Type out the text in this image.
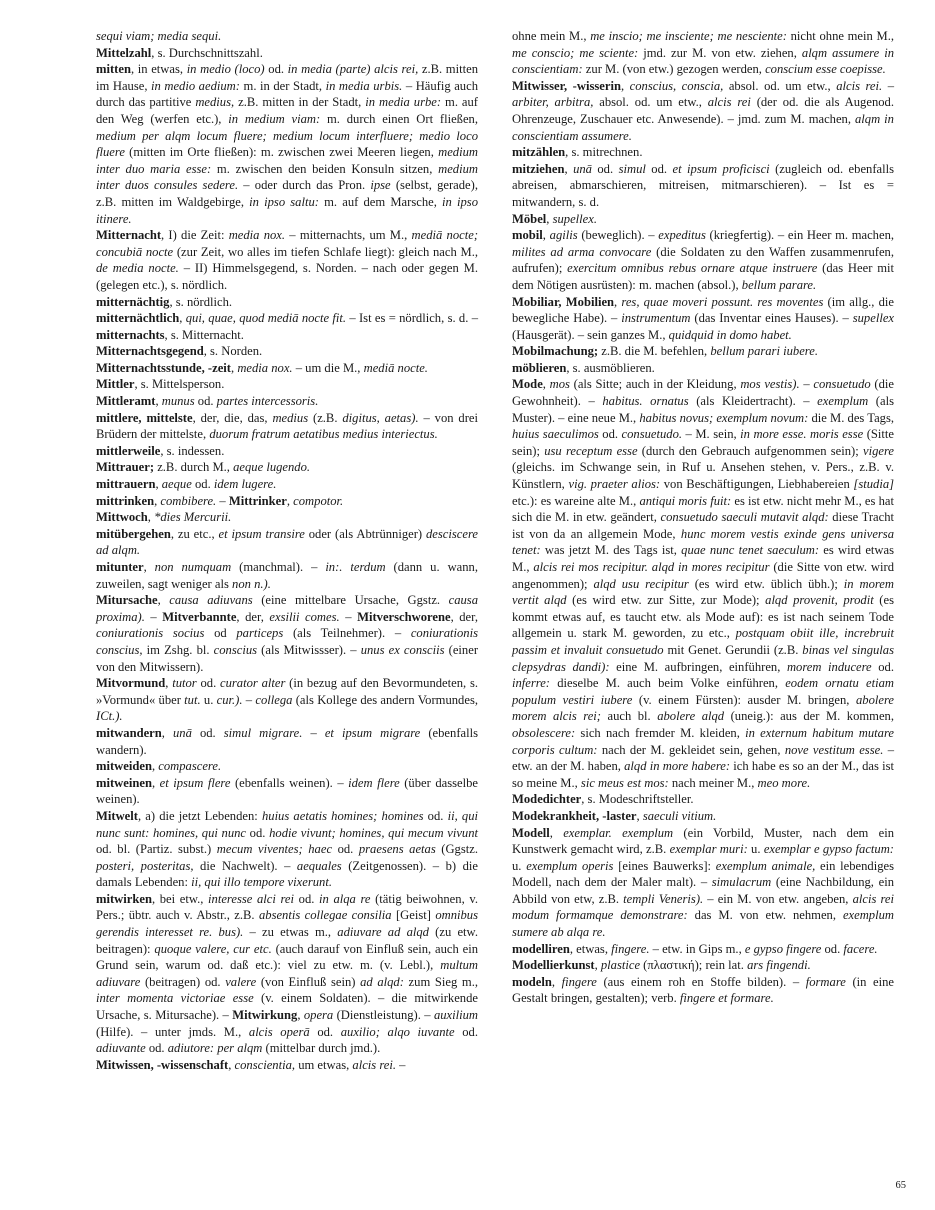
sequi viam; media sequi.

Mittelzahl, s. Durchschnittszahl.

mitten, in etwas, in medio (loco) od. in media (parte) alcis rei, z.B. mitten im Hause, in medio aedium: m. in der Stadt, in media urbis. – Häufig auch durch das partitive medius, z.B. mitten in der Stadt, in media urbe: m. auf den Weg (werfen etc.), in medium viam: m. durch einen Ort fließen, medium per alqm locum fluere; medium locum interfluere; medio loco fluere (mitten im Orte fließen): m. zwischen zwei Meeren liegen, medium inter duo maria esse: m. zwischen den beiden Konsuln sitzen, medium inter duos consules sedere. – oder durch das Pron. ipse (selbst, gerade), z.B. mitten im Waldgebirge, in ipso saltu: m. auf dem Marsche, in ipso itinere.

Mitternacht, I) die Zeit: media nox. – mitternachts, um M., mediā nocte; concubiā nocte (zur Zeit, wo alles im tiefen Schlafe liegt): gleich nach M., de media nocte. – II) Himmelsgegend, s. Norden. – nach oder gegen M. (gelegen etc.), s. nördlich.

mitternächtig, s. nördlich.

mitternächtlich, qui, quae, quod mediā nocte fit. – Ist es = nördlich, s. d. – mitternachts, s. Mitternacht.

Mitternachtsgegend, s. Norden.

Mitternachtsstunde, -zeit, media nox. – um die M., mediā nocte.

Mittler, s. Mittelsperson.

Mittleramt, munus od. partes intercessoris.

mittlere, mittelste, der, die, das, medius (z.B. digitus, aetas). – von drei Brüdern der mittelste, duorum fratrum aetatibus medius interiectus.

mittlerweile, s. indessen.

Mittrauer; z.B. durch M., aeque lugendo.

mittrauern, aeque od. idem lugere.

mittrinken, combibere. – Mittrinker, compotor.

Mittwoch, *dies Mercurii.

mitübergehen, zu etc., et ipsum transire oder (als Abtrünniger) desciscere ad alqm.

mitunter, non numquam (manchmal). – in:. terdum (dann u. wann, zuweilen, sagt weniger als non n.).

Mitursache, causa adiuvans (eine mittelbare Ursache, Ggstz. causa proxima). – Mitverbannte, der, exsilii comes. – Mitverschworene, der, coniurationis socius od particeps (als Teilnehmer). – coniurationis conscius, im Zshg. bl. conscius (als Mitwissser). – unus ex consciis (einer von den Mitwissern).

Mitvormund, tutor od. curator alter (in bezug auf den Bevormundeten, s. »Vormund« über tut. u. cur.). – collega (als Kollege des andern Vormundes, ICt.).

mitwandern, unā od. simul migrare. – et ipsum migrare (ebenfalls wandern).

mitweiden, compascere.

mitweinen, et ipsum flere (ebenfalls weinen). – idem flere (über dasselbe weinen).

Mitwelt, a) die jetzt Lebenden: huius aetatis homines; homines od. ii, qui nunc sunt: homines, qui nunc od. hodie vivunt; homines, qui mecum vivunt od. bl. (Partiz. subst.) mecum viventes; haec od. praesens aetas (Ggstz. posteri, posteritas, die Nachwelt). – aequales (Zeitgenossen). – b) die damals Lebenden: ii, qui illo tempore vixerunt.

mitwirken, bei etw., interesse alci rei od. in alqa re (tätig beiwohnen, v. Pers.; übtr. auch v. Abstr., z.B. absentis collegae consilia [Geist] omnibus gerendis interesset re. bus). – zu etwas m., adiuvare ad alqd (zu etw. beitragen): quoque valere, cur etc. (auch darauf von Einfluß sein, auch ein Grund sein, warum od. daß etc.): viel zu etw. m. (v. Lebl.), multum adiuvare (beitragen) od. valere (von Einfluß sein) ad alqd: zum Sieg m., inter momenta victoriae esse (v. einem Soldaten). – die mitwirkende Ursache, s. Mitursache). – Mitwirkung, opera (Dienstleistung). – auxilium (Hilfe). – unter jmds. M., alcis operā od. auxilio; alqo iuvante od. adiuvante od. adiutore: per alqm (mittelbar durch jmd.).

Mitwissen, -wissenschaft, conscientia, um etwas, alcis rei. –

ohne mein M., me inscio; me insciente; me nesciente: nicht ohne mein M., me conscio; me sciente: jmd. zur M. von etw. ziehen, alqm assumere in conscientiam: zur M. (von etw.) gezogen werden, conscium esse coepisse.

Mitwisser, -wisserin, conscius, conscia, absol. od. um etw., alcis rei. – arbiter, arbitra, absol. od. um etw., alcis rei (der od. die als Augenod. Ohrenzeuge, Zuschauer etc. Anwesende). – jmd. zum M. machen, alqm in conscientiam assumere.

mitzählen, s. mitrechnen.

mitziehen, unā od. simul od. et ipsum proficisci (zugleich od. ebenfalls abreisen, abmarschieren, mitreisen, mitmarschieren). – Ist es = mitwandern, s. d.

Möbel, supellex.

mobil, agilis (beweglich). – expeditus (kriegfertig). – ein Heer m. machen, milites ad arma convocare (die Soldaten zu den Waffen zusammenrufen, aufrufen); exercitum omnibus rebus ornare atque instruere (das Heer mit dem Nötigen ausrüsten): m. machen (absol.), bellum parare.

Mobiliar, Mobilien, res, quae moveri possunt. res moventes (im allg., die bewegliche Habe). – instrumentum (das Inventar eines Hauses). – supellex (Hausgerät). – sein ganzes M., quidquid in domo habet.

Mobilmachung; z.B. die M. befehlen, bellum parari iubere.

möblieren, s. ausmöblieren.

Mode, mos (als Sitte; auch in der Kleidung, mos vestis). – consuetudo (die Gewohnheit). – habitus. ornatus (als Kleidertracht). – exemplum (als Muster). – eine neue M., habitus novus; exemplum novum: die M. des Tags, huius saeculimos od. consuetudo. – M. sein, in more esse. moris esse (Sitte sein); usu receptum esse (durch den Gebrauch aufgenommen sein); vigere (gleichs. im Schwange sein, in Ruf u. Ansehen stehen, v. Pers., z.B. v. Künstlern, vig. praeter alios: von Beschäftigungen, Liebhabereien [studia] etc.): es wareine alte M., antiqui moris fuit: es ist etw. nicht mehr M., es hat sich die M. in etw. geändert, consuetudo saeculi mutavit alqd: diese Tracht ist von da an allgemein Mode, hunc morem vestis exinde gens universa tenet: was jetzt M. des Tags ist, quae nunc tenet saeculum: es wird etwas M., alcis rei mos recipitur. alqd in mores recipitur (die Sitte von etw. wird angenommen); alqd usu recipitur (es wird etw. üblich übh.); in morem vertit alqd (es wird etw. zur Sitte, zur Mode); alqd provenit, prodit (es kommt etwas auf, es taucht etw. als Mode auf): es ist nach seinem Tode allgemein u. stark M. geworden, zu etc., postquam obiit ille, increbruit passim et invaluit consuetudo mit Genet. Gerundii (z.B. binas vel singulas clepsydras dandi): eine M. aufbringen, einführen, morem inducere od. inferre: dieselbe M. auch beim Volke einführen, eodem ornatu etiam populum vestiri iubere (v. einem Fürsten): ausder M. bringen, abolere morem alcis rei; auch bl. abolere alqd (uneig.): aus der M. kommen, obsolescere: sich nach fremder M. kleiden, in externum habitum mutare corporis cultum: nach der M. gekleidet sein, gehen, nove vestitum esse. – etw. an der M. haben, alqd in more habere: ich habe es so an der M., das ist so meine M., sic meus est mos: nach meiner M., meo more.

Modedichter, s. Modeschriftsteller.

Modekrankheit, -laster, saeculi vitium.

Modell, exemplar. exemplum (ein Vorbild, Muster, nach dem ein Kunstwerk gemacht wird, z.B. exemplar muri: u. exemplar e gypso factum: u. exemplum operis [eines Bauwerks]: exemplum animale, ein lebendiges Modell, nach dem der Maler malt). – simulacrum (eine Nachbildung, ein Abbild von etw, z.B. templi Veneris). – ein M. von etw. angeben, alcis rei modum formamque demonstrare: das M. von etw. nehmen, exemplum sumere ab alqa re.

modelliren, etwas, fingere. – etw. in Gips m., e gypso fingere od. facere.

Modellierkunst, plastice (πλαστική); rein lat. ars fingendi.

modeln, fingere (aus einem roh en Stoffe bilden). – formare (in eine Gestalt bringen, gestalten); verb. fingere et formare.

65
